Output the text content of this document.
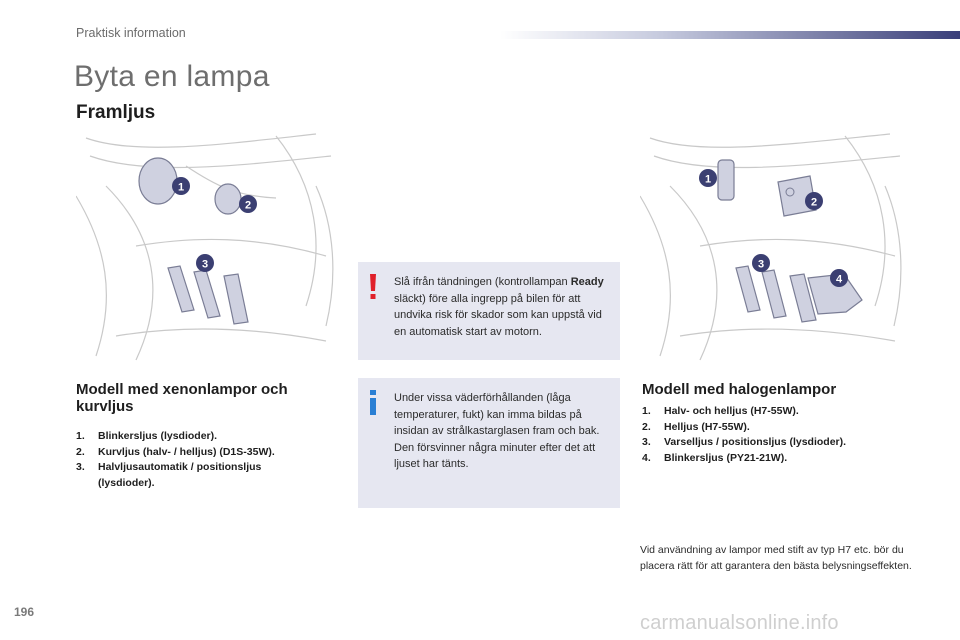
Praktisk information
Byta en lampa
Framljus
1
2
3
1
2
3
4
Slå ifrån tändningen (kontrollampan Ready släckt) före alla ingrepp på bilen för att undvika risk för skador som kan uppstå vid en automatisk start av motorn.
Under vissa väderförhållanden (låga temperaturer, fukt) kan imma bildas på insidan av strålkastarglasen fram och bak. Den försvinner några minuter efter det att ljuset har tänts.
Modell med xenonlampor och kurvljus
1. Blinkersljus (lysdioder).
2. Kurvljus (halv- / helljus) (D1S-35W).
3. Halvljusautomatik / positionsljus (lysdioder).
Modell med halogenlampor
1. Halv- och helljus (H7-55W).
2. Helljus (H7-55W).
3. Varselljus / positionsljus (lysdioder).
4. Blinkersljus (PY21-21W).
Vid användning av lampor med stift av typ H7 etc. bör du placera rätt för att garantera den bästa belysningseffekten.
196	carmanualsonline.info
